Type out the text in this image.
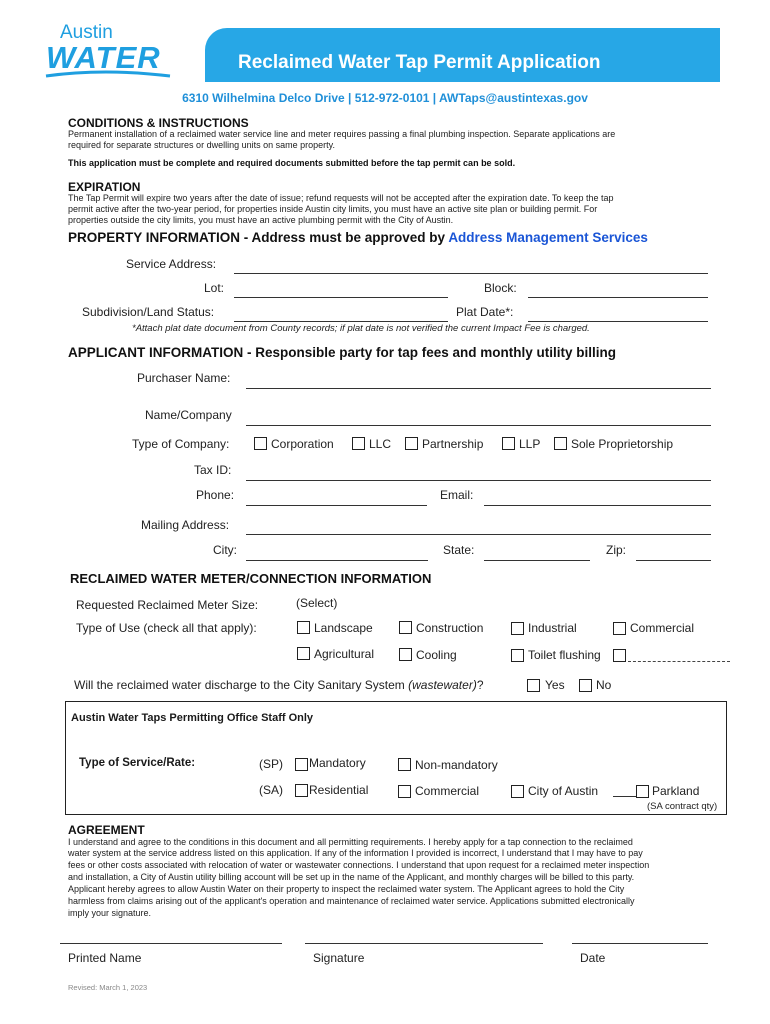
Austin
WATER	Reclaimed Water Tap Permit Application
6310 Wilhelmina Delco Drive | 512-972-0101 | AWTaps@austintexas.gov
CONDITIONS & INSTRUCTIONS
Permanent installation of a reclaimed water service line and meter requires passing a final plumbing inspection. Separate applications are
required for separate structures or dwelling units on same property.
This application must be complete and required documents submitted before the tap permit can be sold.
EXPIRATION
The Tap Permit will expire two years after the date of issue; refund requests will not be accepted after the expiration date. To keep the tap
permit active after the two-year period, for properties inside Austin city limits, you must have an active site plan or building permit. For
properties outside the city limits, you must have an active plumbing permit with the City of Austin.
PROPERTY INFORMATION - Address must be approved by Address Management Services
Service Address:
Lot:	Block:
Subdivision/Land Status:	Plat Date*:
*Attach plat date document from County records; if plat date is not verified the current Impact Fee is charged.
APPLICANT INFORMATION - Responsible party for tap fees and monthly utility billing
Purchaser Name:
Name/Company
Type of Company:	Corporation	LLC	Partnership	LLP	Sole Proprietorship
Tax ID:
Phone:	Email:
Mailing Address:
City:	State:	Zip:
RECLAIMED WATER METER/CONNECTION INFORMATION
Requested Reclaimed Meter Size:	(Select)
Type of Use (check all that apply):	Landscape	Construction	Industrial	Commercial
Agricultural	Cooling	Toilet flushing
Will the reclaimed water discharge to the City Sanitary System (wastewater)?	Yes	No
Austin Water Taps Permitting Office Staff Only
Type of Service/Rate:	(SP) Mandatory	Non-mandatory
(SA) Residential	Commercial	City of Austin	Parkland
(SA contract qty)
AGREEMENT
I understand and agree to the conditions in this document and all permitting requirements. I hereby apply for a tap connection to the reclaimed
water system at the service address listed on this application. If any of the information I provided is incorrect, I understand that I may have to pay
fees or other costs associated with relocation of water or wastewater connections. I understand that upon request for a reclaimed meter inspection
and installation, a City of Austin utility billing account will be set up in the name of the Applicant, and monthly charges will be billed to this party.
Applicant hereby agrees to allow Austin Water on their property to inspect the reclaimed water system. The Applicant agrees to hold the City
harmless from claims arising out of the applicant's operation and maintenance of reclaimed water service. Applications submitted electronically
imply your signature.
Printed Name	Signature	Date
Revised: March 1, 2023
